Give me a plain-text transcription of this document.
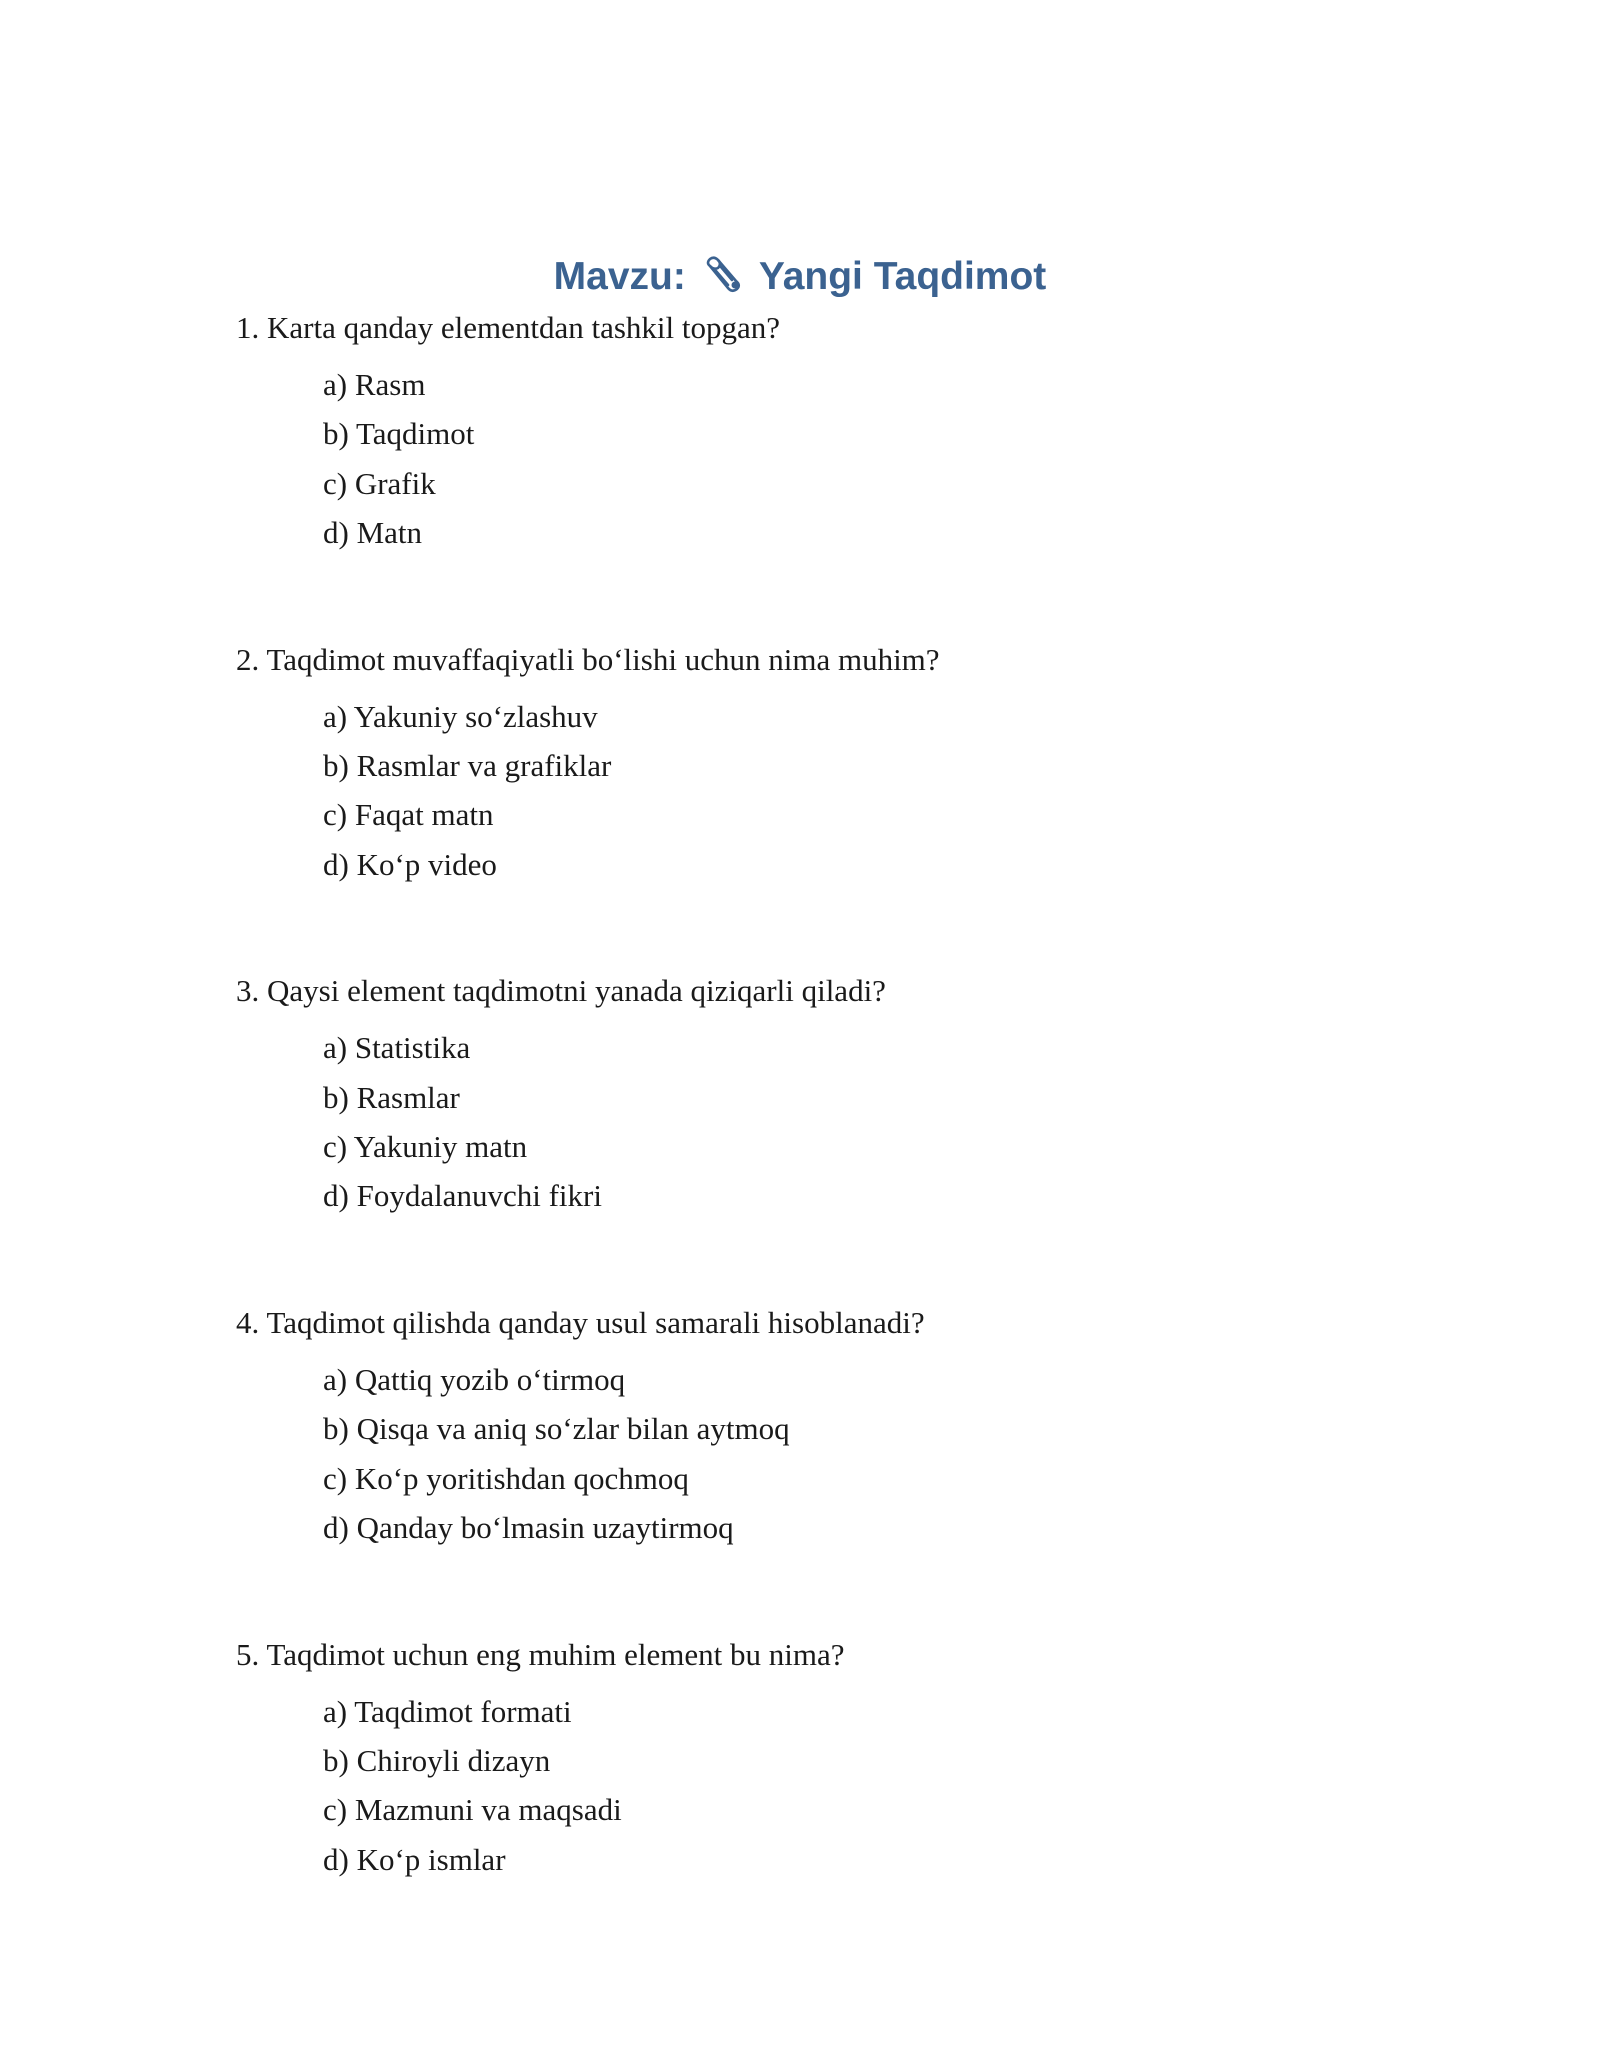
Mavzu: Yangi Taqdimot

1. Karta qanday elementdan tashkil topgan?

a) Rasm
b) Taqdimot
c) Grafik
d) Matn

2. Taqdimot muvaffaqiyatli bo‘lishi uchun nima muhim?

a) Yakuniy so‘zlashuv
b) Rasmlar va grafiklar
c) Faqat matn
d) Ko‘p video

3. Qaysi element taqdimotni yanada qiziqarli qiladi?

a) Statistika
b) Rasmlar
c) Yakuniy matn
d) Foydalanuvchi fikri

4. Taqdimot qilishda qanday usul samarali hisoblanadi?

a) Qattiq yozib o‘tirmoq
b) Qisqa va aniq so‘zlar bilan aytmoq
c) Ko‘p yoritishdan qochmoq
d) Qanday bo‘lmasin uzaytirmoq

5. Taqdimot uchun eng muhim element bu nima?

a) Taqdimot formati
b) Chiroyli dizayn
c) Mazmuni va maqsadi
d) Ko‘p ismlar
